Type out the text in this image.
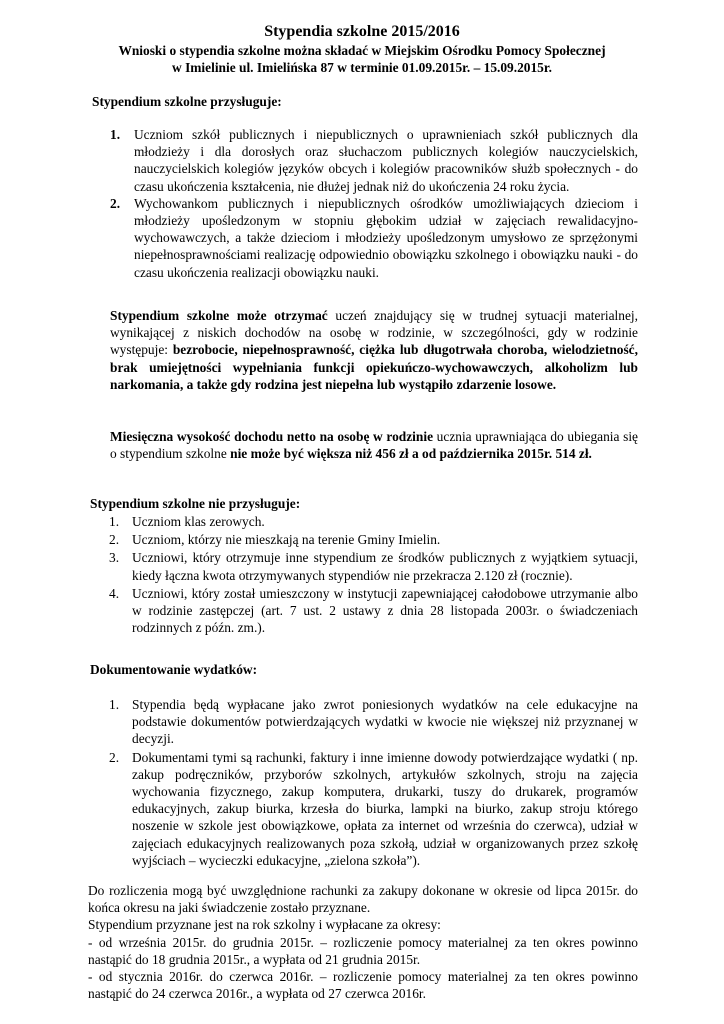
Stypendia szkolne 2015/2016
Wnioski o stypendia szkolne można składać w Miejskim Ośrodku Pomocy Społecznej
w Imielinie ul. Imielińska 87 w terminie 01.09.2015r. – 15.09.2015r.
Stypendium szkolne przysługuje:
1.	Uczniom szkół publicznych i niepublicznych o uprawnieniach szkół publicznych dla młodzieży i dla dorosłych oraz słuchaczom publicznych kolegiów nauczycielskich, nauczycielskich kolegiów języków obcych i kolegiów pracowników służb społecznych - do czasu ukończenia kształcenia, nie dłużej jednak niż do ukończenia 24 roku życia.
2.	Wychowankom publicznych i niepublicznych ośrodków umożliwiających dzieciom i młodzieży upośledzonym w stopniu głębokim udział w zajęciach rewalidacyjno-wychowawczych, a także dzieciom i młodzieży upośledzonym umysłowo ze sprzężonymi niepełnosprawnościami realizację odpowiednio obowiązku szkolnego i obowiązku nauki - do czasu ukończenia realizacji obowiązku nauki.

Stypendium szkolne może otrzymać uczeń znajdujący się w trudnej sytuacji materialnej, wynikającej z niskich dochodów na osobę w rodzinie, w szczególności, gdy w rodzinie występuje: bezrobocie, niepełnosprawność, ciężka lub długotrwała choroba, wielodzietność, brak umiejętności wypełniania funkcji opiekuńczo-wychowawczych, alkoholizm lub narkomania, a także gdy rodzina jest niepełna lub wystąpiło zdarzenie losowe.

Miesięczna wysokość dochodu netto na osobę w rodzinie ucznia uprawniająca do ubiegania się o stypendium szkolne nie może być większa niż 456 zł a od października 2015r. 514 zł.

Stypendium szkolne nie przysługuje:
1. Uczniom klas zerowych.
2. Uczniom, którzy nie mieszkają na terenie Gminy Imielin.
3. Uczniowi, który otrzymuje inne stypendium ze środków publicznych z wyjątkiem sytuacji, kiedy łączna kwota otrzymywanych stypendiów nie przekracza 2.120 zł (rocznie).
4. Uczniowi, który został umieszczony w instytucji zapewniającej całodobowe utrzymanie albo w rodzinie zastępczej (art. 7 ust. 2 ustawy z dnia 28 listopada 2003r. o świadczeniach rodzinnych z późn. zm.).
Dokumentowanie wydatków:
1. Stypendia będą wypłacane jako zwrot poniesionych wydatków na cele edukacyjne na podstawie dokumentów potwierdzających wydatki w kwocie nie większej niż przyznanej w decyzji.
2. Dokumentami tymi są rachunki, faktury i inne imienne dowody potwierdzające wydatki ( np. zakup podręczników, przyborów szkolnych, artykułów szkolnych, stroju na zajęcia wychowania fizycznego, zakup komputera, drukarki, tuszy do drukarek, programów edukacyjnych, zakup biurka, krzesła do biurka, lampki na biurko, zakup stroju którego noszenie w szkole jest obowiązkowe, opłata za internet od września do czerwca), udział w zajęciach edukacyjnych realizowanych poza szkołą, udział w organizowanych przez szkołę wyjściach – wycieczki edukacyjne, „zielona szkoła”).
Do rozliczenia mogą być uwzględnione rachunki za zakupy dokonane w okresie od lipca 2015r. do końca okresu na jaki świadczenie zostało przyznane.
Stypendium przyznane jest na rok szkolny i wypłacane za okresy:
- od września 2015r. do grudnia 2015r. – rozliczenie pomocy materialnej za ten okres powinno nastąpić do 18 grudnia 2015r., a wypłata od 21 grudnia 2015r.
- od stycznia 2016r. do czerwca 2016r. – rozliczenie pomocy materialnej za ten okres powinno nastąpić do 24 czerwca 2016r., a wypłata od 27 czerwca 2016r.
